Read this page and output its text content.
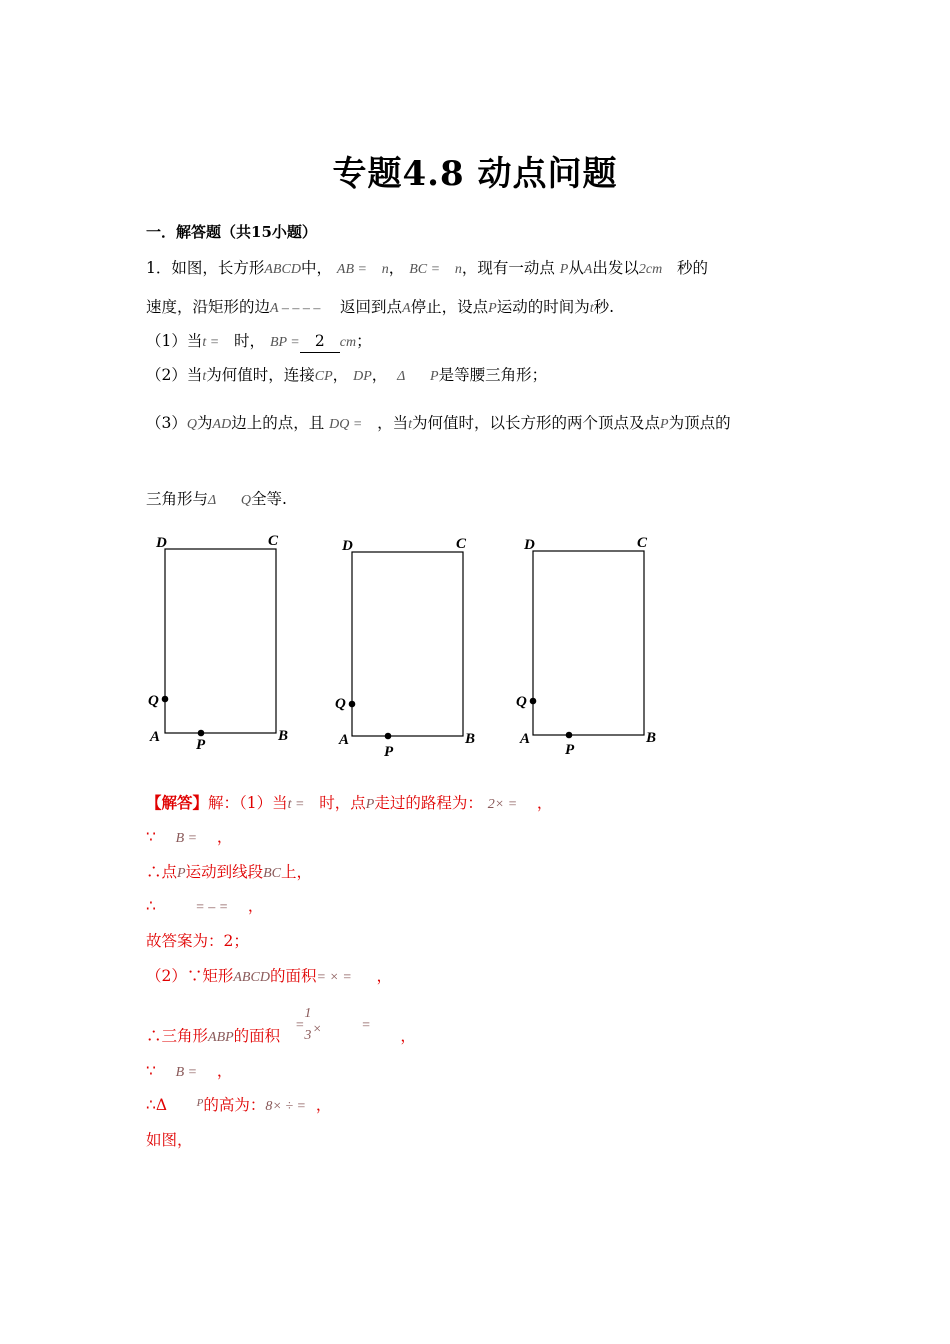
专题4.8 动点问题
一．解答题（共15小题）
1．如图，长方形ABCD中， AB = n， BC = n，现有一动点 P从A出发以2cm 秒的
速度，沿矩形的边A – – – – 返回到点A停止，设点P运动的时间为t秒.
（1）当t = 时， BP = 2 cm；
（2）当t为何值时，连接CP， DP， Δ P是等腰三角形；
（3）Q为AD边上的点，且 DQ = ，当t为何值时，以长方形的两个顶点及点P为顶点的
三角形与Δ Q全等.
D	C
Q
A	B
P
D	C
Q
A	B
P
D	C
Q
A	B
P
【解答】解：（1）当t = 时，点P走过的路程为： 2× = ，
∵ B = ，
∴点P运动到线段BC上，
∴	= – = ，
故答案为：2；
（2）∵矩形ABCD的面积= × = ，
∴三角形ABP的面积   =
1
3 ×	=      ，
∵ B = ，
∴Δ	$^P$的高为：8× ÷ = ，
如图，
